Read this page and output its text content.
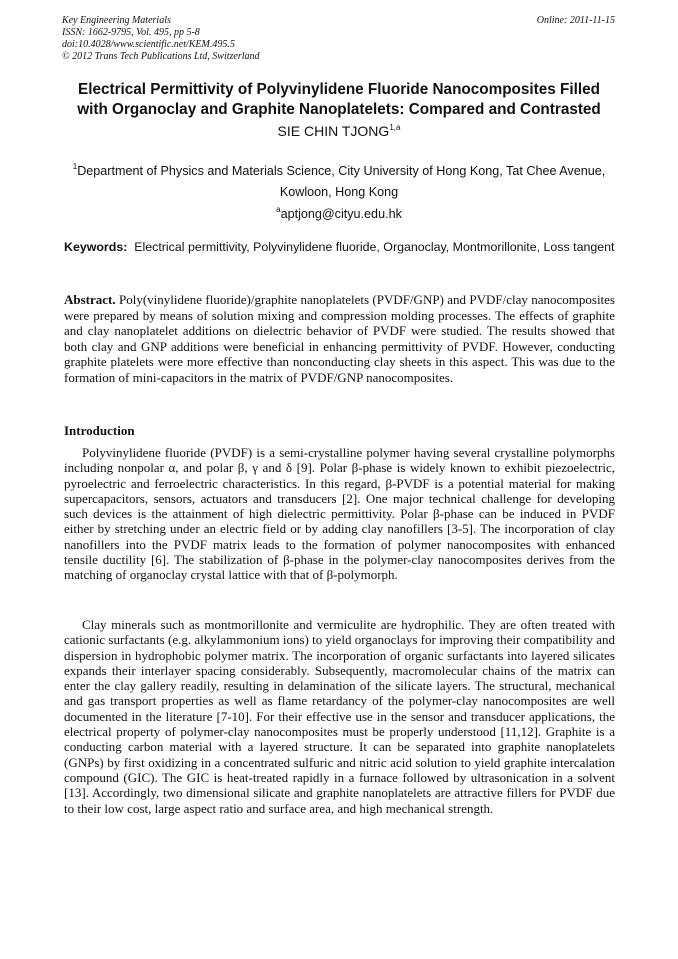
Key Engineering Materials
ISSN: 1662-9795, Vol. 495, pp 5-8
doi:10.4028/www.scientific.net/KEM.495.5
© 2012 Trans Tech Publications Ltd, Switzerland
Online: 2011-11-15
Electrical Permittivity of Polyvinylidene Fluoride Nanocomposites Filled
with Organoclay and Graphite Nanoplatelets: Compared and Contrasted
SIE CHIN TJONG$^{1,a}$
$^1$Department of Physics and Materials Science, City University of Hong Kong, Tat Chee Avenue, Kowloon, Hong Kong
$^a$aptjong@cityu.edu.hk
Keywords: Electrical permittivity, Polyvinylidene fluoride, Organoclay, Montmorillonite, Loss tangent
Abstract. Poly(vinylidene fluoride)/graphite nanoplatelets (PVDF/GNP) and PVDF/clay nanocomposites were prepared by means of solution mixing and compression molding processes. The effects of graphite and clay nanoplatelet additions on dielectric behavior of PVDF were studied. The results showed that both clay and GNP additions were beneficial in enhancing permittivity of PVDF. However, conducting graphite platelets were more effective than nonconducting clay sheets in this aspect. This was due to the formation of mini-capacitors in the matrix of PVDF/GNP nanocomposites.
Introduction
Polyvinylidene fluoride (PVDF) is a semi-crystalline polymer having several crystalline polymorphs including nonpolar α, and polar β, γ and δ [9]. Polar β-phase is widely known to exhibit piezoelectric, pyroelectric and ferroelectric characteristics. In this regard, β-PVDF is a potential material for making supercapacitors, sensors, actuators and transducers [2]. One major technical challenge for developing such devices is the attainment of high dielectric permittivity. Polar β-phase can be induced in PVDF either by stretching under an electric field or by adding clay nanofillers [3-5]. The incorporation of clay nanofillers into the PVDF matrix leads to the formation of polymer nanocomposites with enhanced tensile ductility [6]. The stabilization of β-phase in the polymer-clay nanocomposites derives from the matching of organoclay crystal lattice with that of β-polymorph.
Clay minerals such as montmorillonite and vermiculite are hydrophilic. They are often treated with cationic surfactants (e.g. alkylammonium ions) to yield organoclays for improving their compatibility and dispersion in hydrophobic polymer matrix. The incorporation of organic surfactants into layered silicates expands their interlayer spacing considerably. Subsequently, macromolecular chains of the matrix can enter the clay gallery readily, resulting in delamination of the silicate layers. The structural, mechanical and gas transport properties as well as flame retardancy of the polymer-clay nanocomposites are well documented in the literature [7-10]. For their effective use in the sensor and transducer applications, the electrical property of polymer-clay nanocomposites must be properly understood [11,12]. Graphite is a conducting carbon material with a layered structure. It can be separated into graphite nanoplatelets (GNPs) by first oxidizing in a concentrated sulfuric and nitric acid solution to yield graphite intercalation compound (GIC). The GIC is heat-treated rapidly in a furnace followed by ultrasonication in a solvent [13]. Accordingly, two dimensional silicate and graphite nanoplatelets are attractive fillers for PVDF due to their low cost, large aspect ratio and surface area, and high mechanical strength.
